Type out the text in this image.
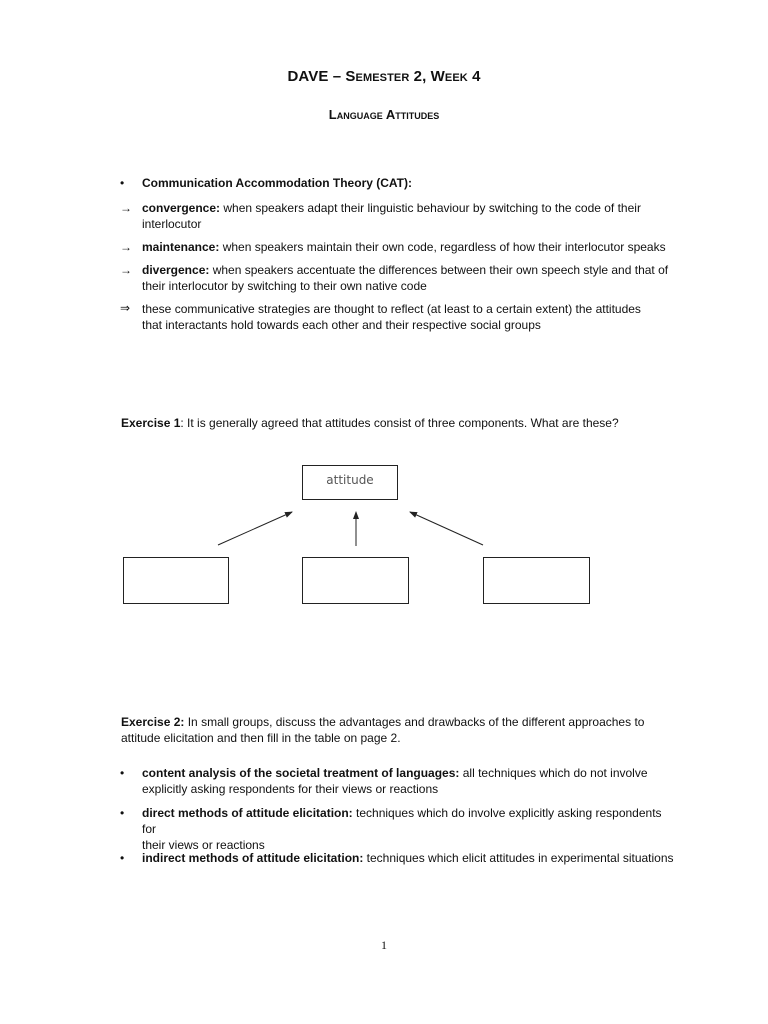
DAVE – Semester 2, Week 4
Language Attitudes
• Communication Accommodation Theory (CAT):
→ convergence: when speakers adapt their linguistic behaviour by switching to the code of their
interlocutor
→ maintenance: when speakers maintain their own code, regardless of how their interlocutor speaks
→ divergence: when speakers accentuate the differences between their own speech style and that of
their interlocutor by switching to their own native code
⇒ these communicative strategies are thought to reflect (at least to a certain extent) the attitudes
that interactants hold towards each other and their respective social groups
Exercise 1: It is generally agreed that attitudes consist of three components. What are these?
attitude
Exercise 2: In small groups, discuss the advantages and drawbacks of the different approaches to
attitude elicitation and then fill in the table on page 2.
• content analysis of the societal treatment of languages: all techniques which do not involve
explicitly asking respondents for their views or reactions
• direct methods of attitude elicitation: techniques which do involve explicitly asking respondents for
their views or reactions
• indirect methods of attitude elicitation: techniques which elicit attitudes in experimental situations
1
